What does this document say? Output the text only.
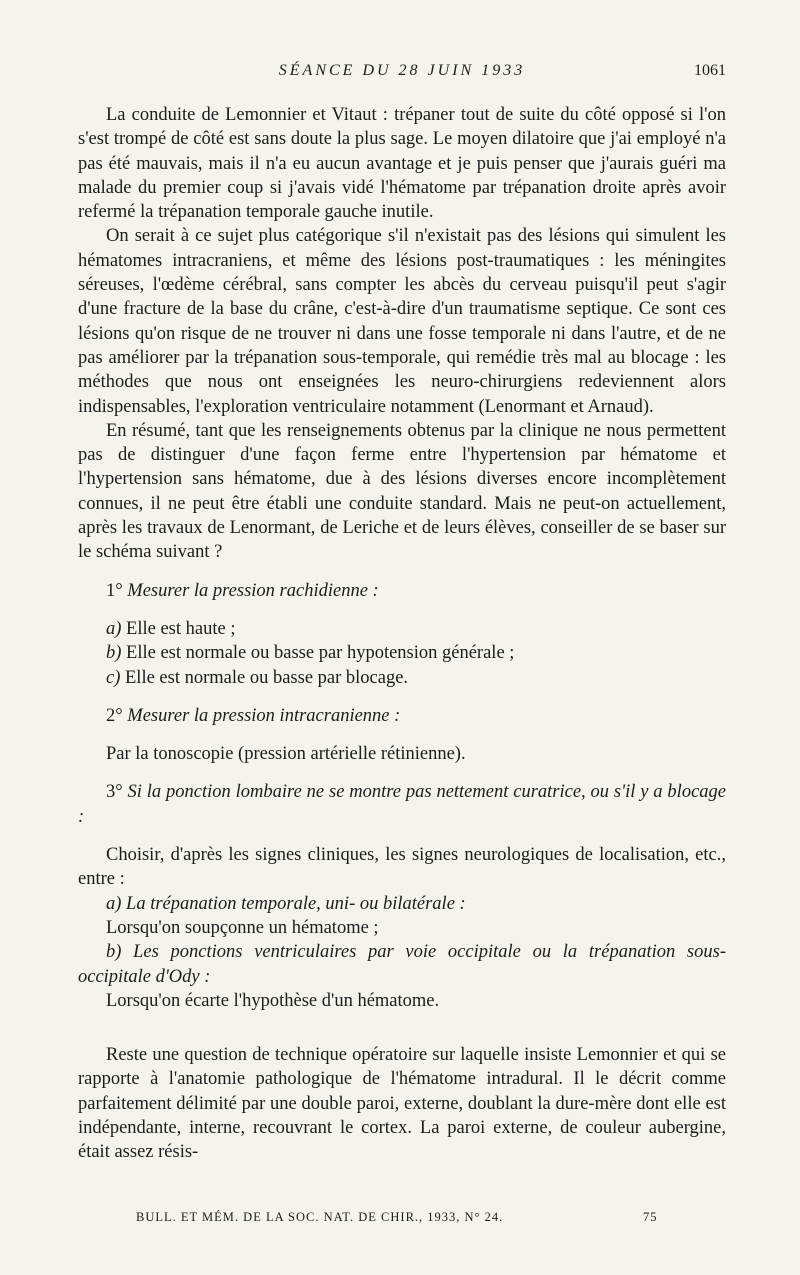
SÉANCE DU 28 JUIN 1933	1061

La conduite de Lemonnier et Vitaut : trépaner tout de suite du côté opposé si l'on s'est trompé de côté est sans doute la plus sage. Le moyen dilatoire que j'ai employé n'a pas été mauvais, mais il n'a eu aucun avantage et je puis penser que j'aurais guéri ma malade du premier coup si j'avais vidé l'hématome par trépanation droite après avoir refermé la trépanation temporale gauche inutile.

On serait à ce sujet plus catégorique s'il n'existait pas des lésions qui simulent les hématomes intracraniens, et même des lésions post-traumatiques : les méningites séreuses, l'œdème cérébral, sans compter les abcès du cerveau puisqu'il peut s'agir d'une fracture de la base du crâne, c'est-à-dire d'un traumatisme septique. Ce sont ces lésions qu'on risque de ne trouver ni dans une fosse temporale ni dans l'autre, et de ne pas améliorer par la trépanation sous-temporale, qui remédie très mal au blocage : les méthodes que nous ont enseignées les neuro-chirurgiens redeviennent alors indispensables, l'exploration ventriculaire notamment (Lenormant et Arnaud).

En résumé, tant que les renseignements obtenus par la clinique ne nous permettent pas de distinguer d'une façon ferme entre l'hypertension par hématome et l'hypertension sans hématome, due à des lésions diverses encore incomplètement connues, il ne peut être établi une conduite standard. Mais ne peut-on actuellement, après les travaux de Lenormant, de Leriche et de leurs élèves, conseiller de se baser sur le schéma suivant ?

1° Mesurer la pression rachidienne :

a) Elle est haute ;

b) Elle est normale ou basse par hypotension générale ;

c) Elle est normale ou basse par blocage.

2° Mesurer la pression intracranienne :

Par la tonoscopie (pression artérielle rétinienne).

3° Si la ponction lombaire ne se montre pas nettement curatrice, ou s'il y a blocage :

Choisir, d'après les signes cliniques, les signes neurologiques de localisation, etc., entre :

a) La trépanation temporale, uni- ou bilatérale :

Lorsqu'on soupçonne un hématome ;

b) Les ponctions ventriculaires par voie occipitale ou la trépanation sous-occipitale d'Ody :

Lorsqu'on écarte l'hypothèse d'un hématome.

Reste une question de technique opératoire sur laquelle insiste Lemonnier et qui se rapporte à l'anatomie pathologique de l'hématome intradural. Il le décrit comme parfaitement délimité par une double paroi, externe, doublant la dure-mère dont elle est indépendante, interne, recouvrant le cortex. La paroi externe, de couleur aubergine, était assez résis-

BULL. ET MÉM. DE LA SOC. NAT. DE CHIR., 1933, N° 24.	75
